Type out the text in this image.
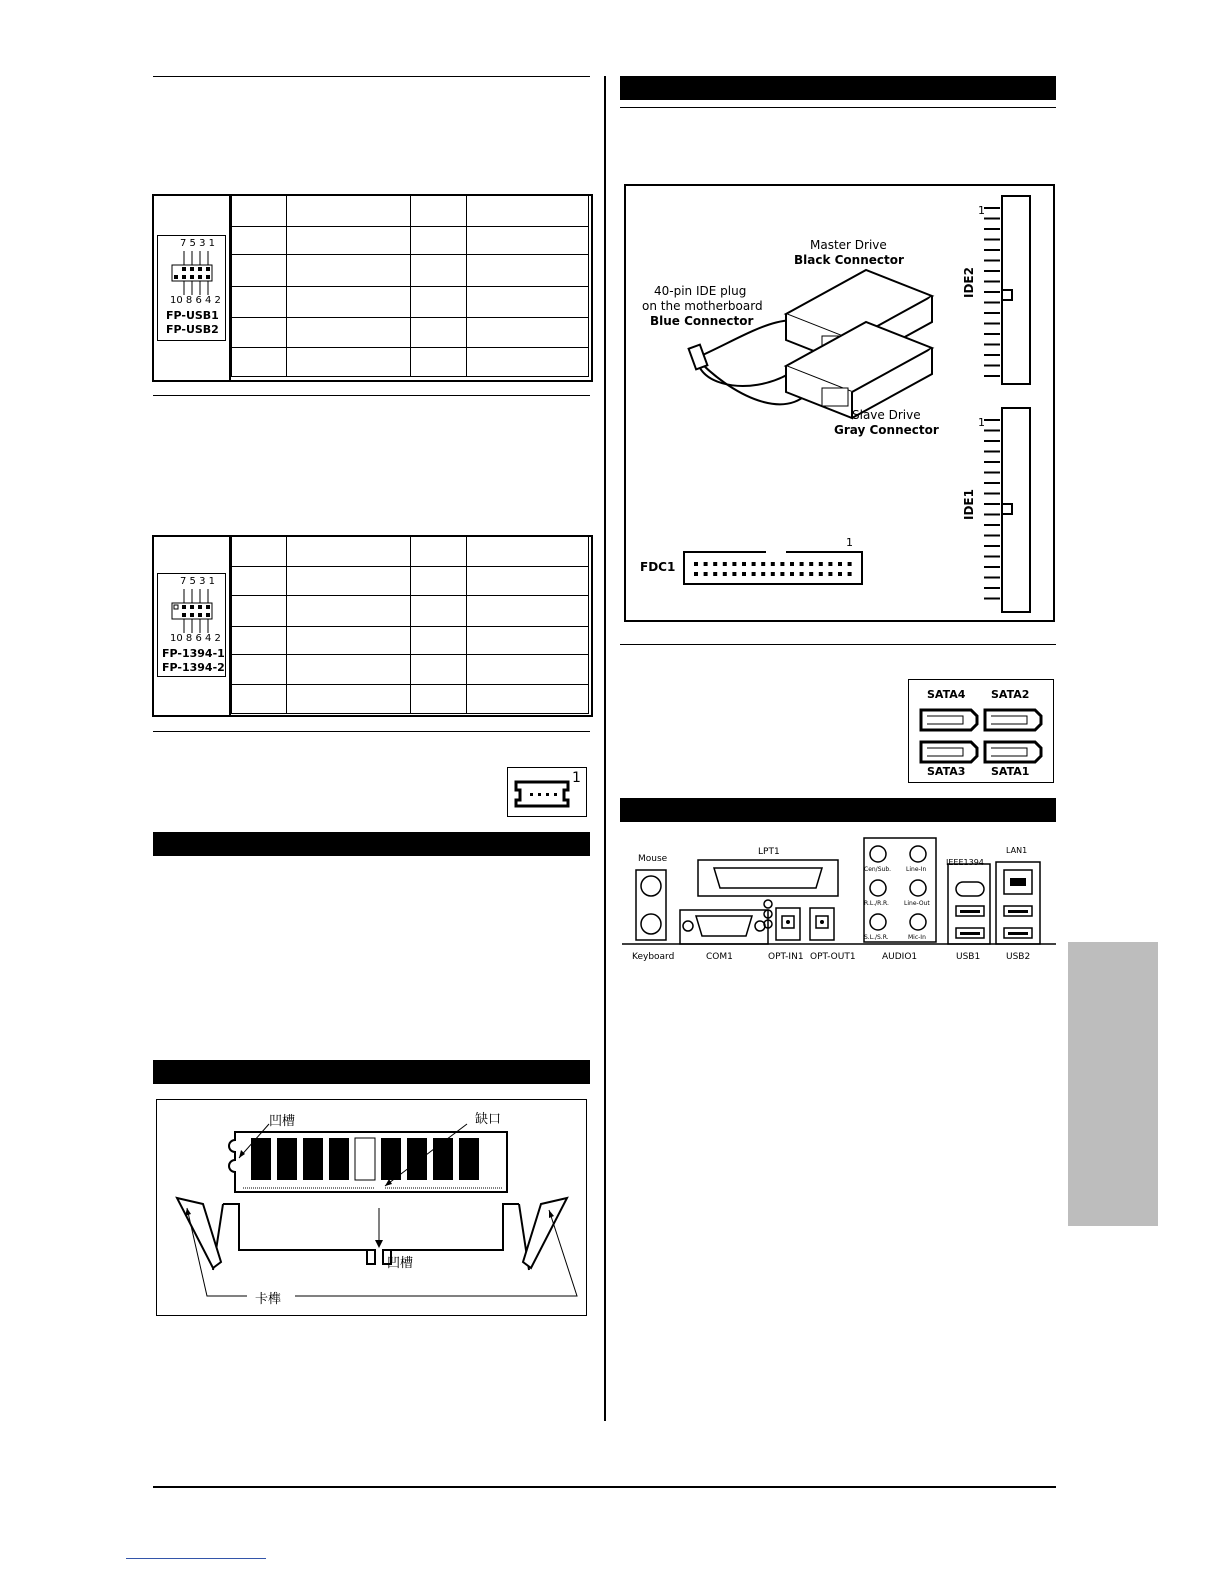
7 5 3 1
10 8 6 4 2
FP-USB1
FP-USB2

7 5 3 1
10 8 6 4 2
FP-1394-1
FP-1394-2
1
凹槽	缺口
凹槽
卡榫
Master Drive
Black Connector
40-pin IDE plug
on the motherboard
Blue Connector
Slave Drive
Gray Connector
IDE2
IDE1
1
1
FDC1
1
SATA4 SATA2
SATA3 SATA1
Mouse
LPT1
IEEE1394
LAN1
Cen/Sub. Line-In
R.L./R.R.	Line-Out
S.L./S.R.	Mic-In
Keyboard	COM1	OPT-IN1 OPT-OUT1	AUDIO1	USB1	USB2
